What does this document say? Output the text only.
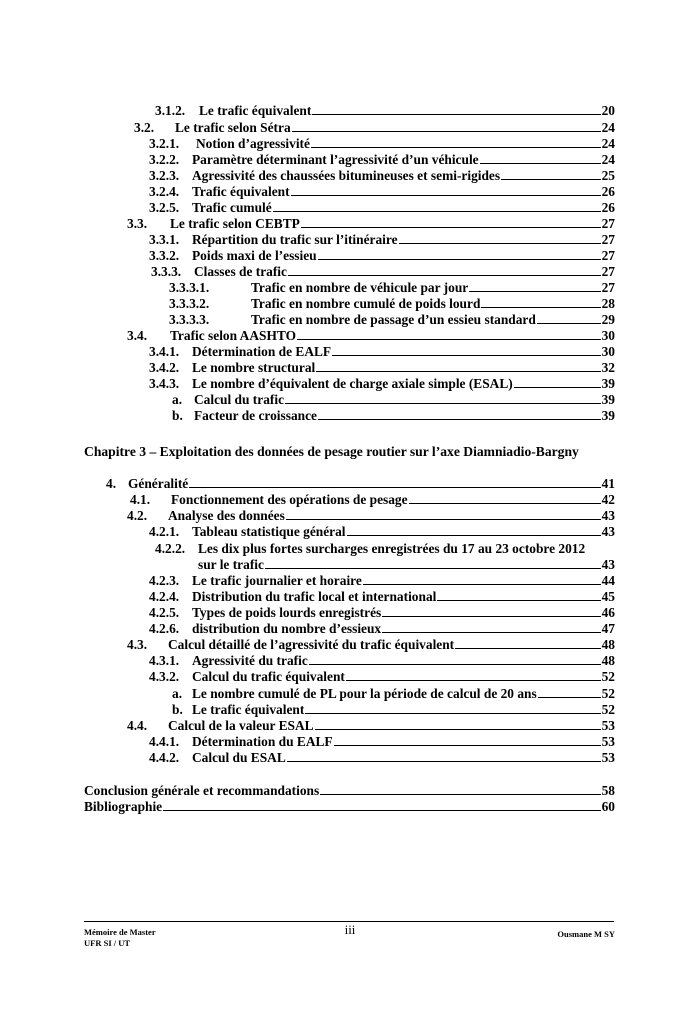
3.1.2.	Le trafic équivalent	20
3.2.	Le trafic selon Sétra	24
3.2.1.	Notion d’agressivité	24
3.2.2. Paramètre déterminant l’agressivité d’un véhicule	24
3.2.3. Agressivité des chaussées bitumineuses et semi-rigides	25
3.2.4. Trafic équivalent	26
3.2.5. Trafic cumulé	26
3.3.	Le trafic selon CEBTP	27
3.3.1. Répartition du trafic sur l’itinéraire	27
3.3.2. Poids maxi de l’essieu	27
3.3.3. Classes de trafic	27
3.3.3.1.	Trafic en nombre de véhicule par jour	27
3.3.3.2.	Trafic en nombre cumulé de poids lourd	28
3.3.3.3.	Trafic en nombre de passage d’un essieu standard	29
3.4.	Trafic selon AASHTO	30
3.4.1. Détermination de EALF	30
3.4.2. Le nombre structural	32
3.4.3. Le nombre d’équivalent de charge axiale simple (ESAL)	39
a. Calcul du trafic	39
b. Facteur de croissance	39
Chapitre 3 – Exploitation des données de pesage routier sur l’axe Diamniadio-Bargny
4. Généralité	41
4.1.	Fonctionnement des opérations de pesage	42
4.2.	Analyse des données	43
4.2.1. Tableau statistique général	43
4.2.2. Les dix plus fortes surcharges enregistrées du 17 au 23 octobre 2012
sur le trafic	43
4.2.3. Le trafic journalier et horaire	44
4.2.4. Distribution du trafic local et international	45
4.2.5. Types de poids lourds enregistrés	46
4.2.6. distribution du nombre d’essieux	47
4.3.	Calcul détaillé de l’agressivité du trafic équivalent	48
4.3.1. Agressivité du trafic	48
4.3.2. Calcul du trafic équivalent	52
a. Le nombre cumulé de PL pour la période de calcul de 20 ans	52
b. Le trafic équivalent	52
4.4.	Calcul de la valeur ESAL	53
4.4.1. Détermination du EALF	53
4.4.2. Calcul du ESAL	53
Conclusion générale et recommandations	58
Bibliographie	60
Mémoire de Master
UFR SI / UT
iii	Ousmane M SY
